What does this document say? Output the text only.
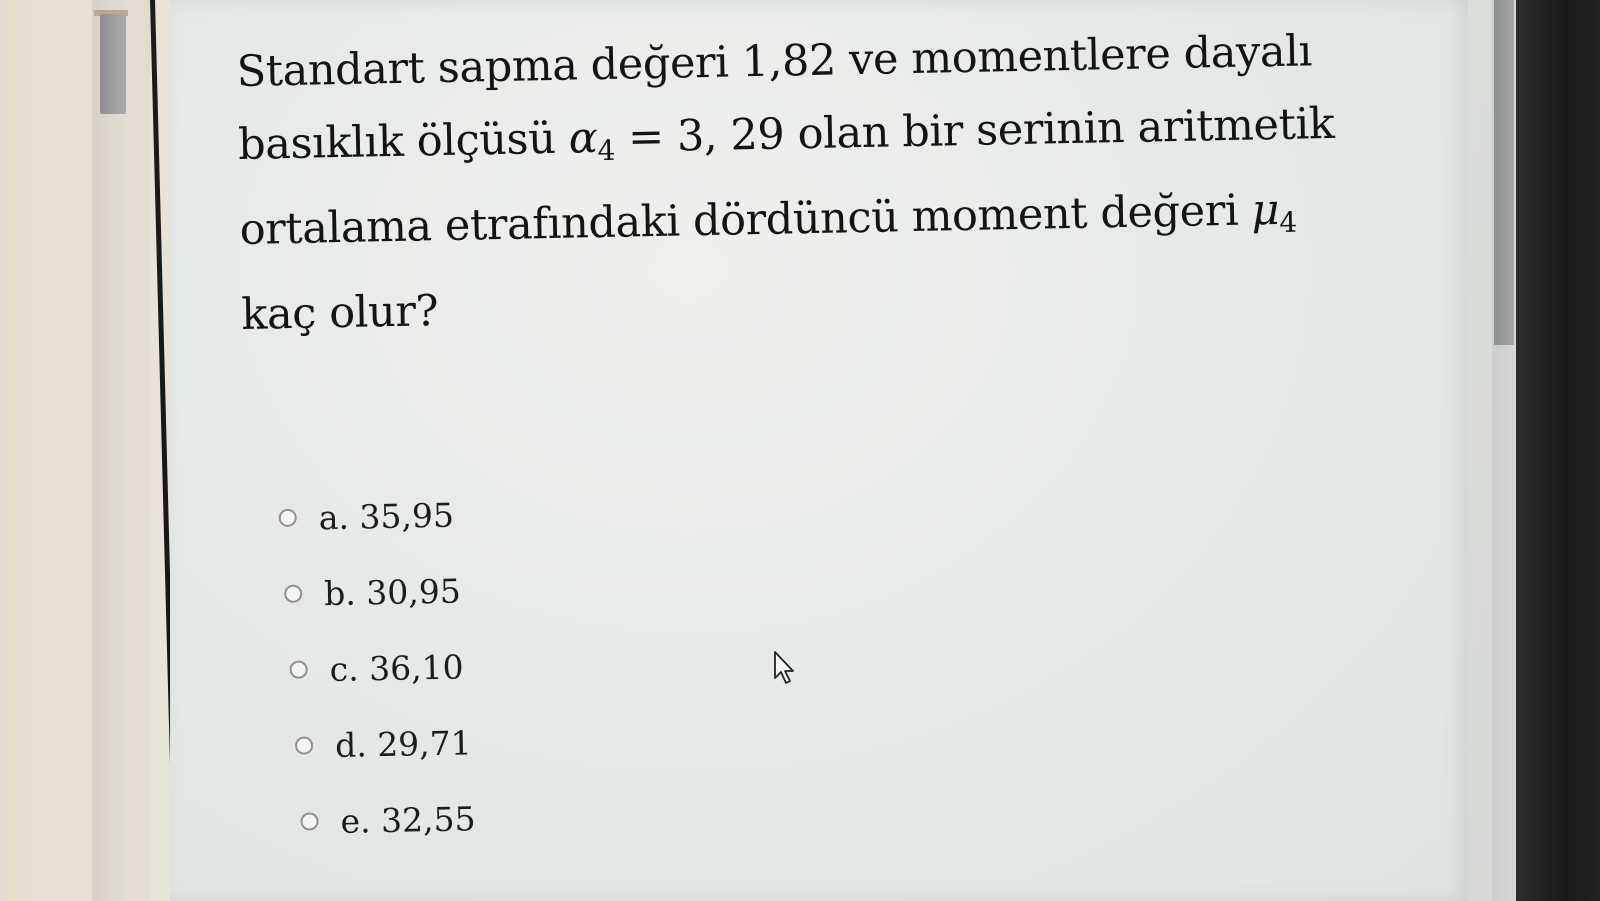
Standart sapma değeri 1,82 ve momentlere dayalı basıklık ölçüsü $\alpha_4 = 3$, 29 olan bir serinin aritmetik ortalama etrafındaki dördüncü moment değeri $\mu_4$ kaç olur?

a.
35,95
b.
30,95
c.
36,10
d.
29,71
e.
32,55
